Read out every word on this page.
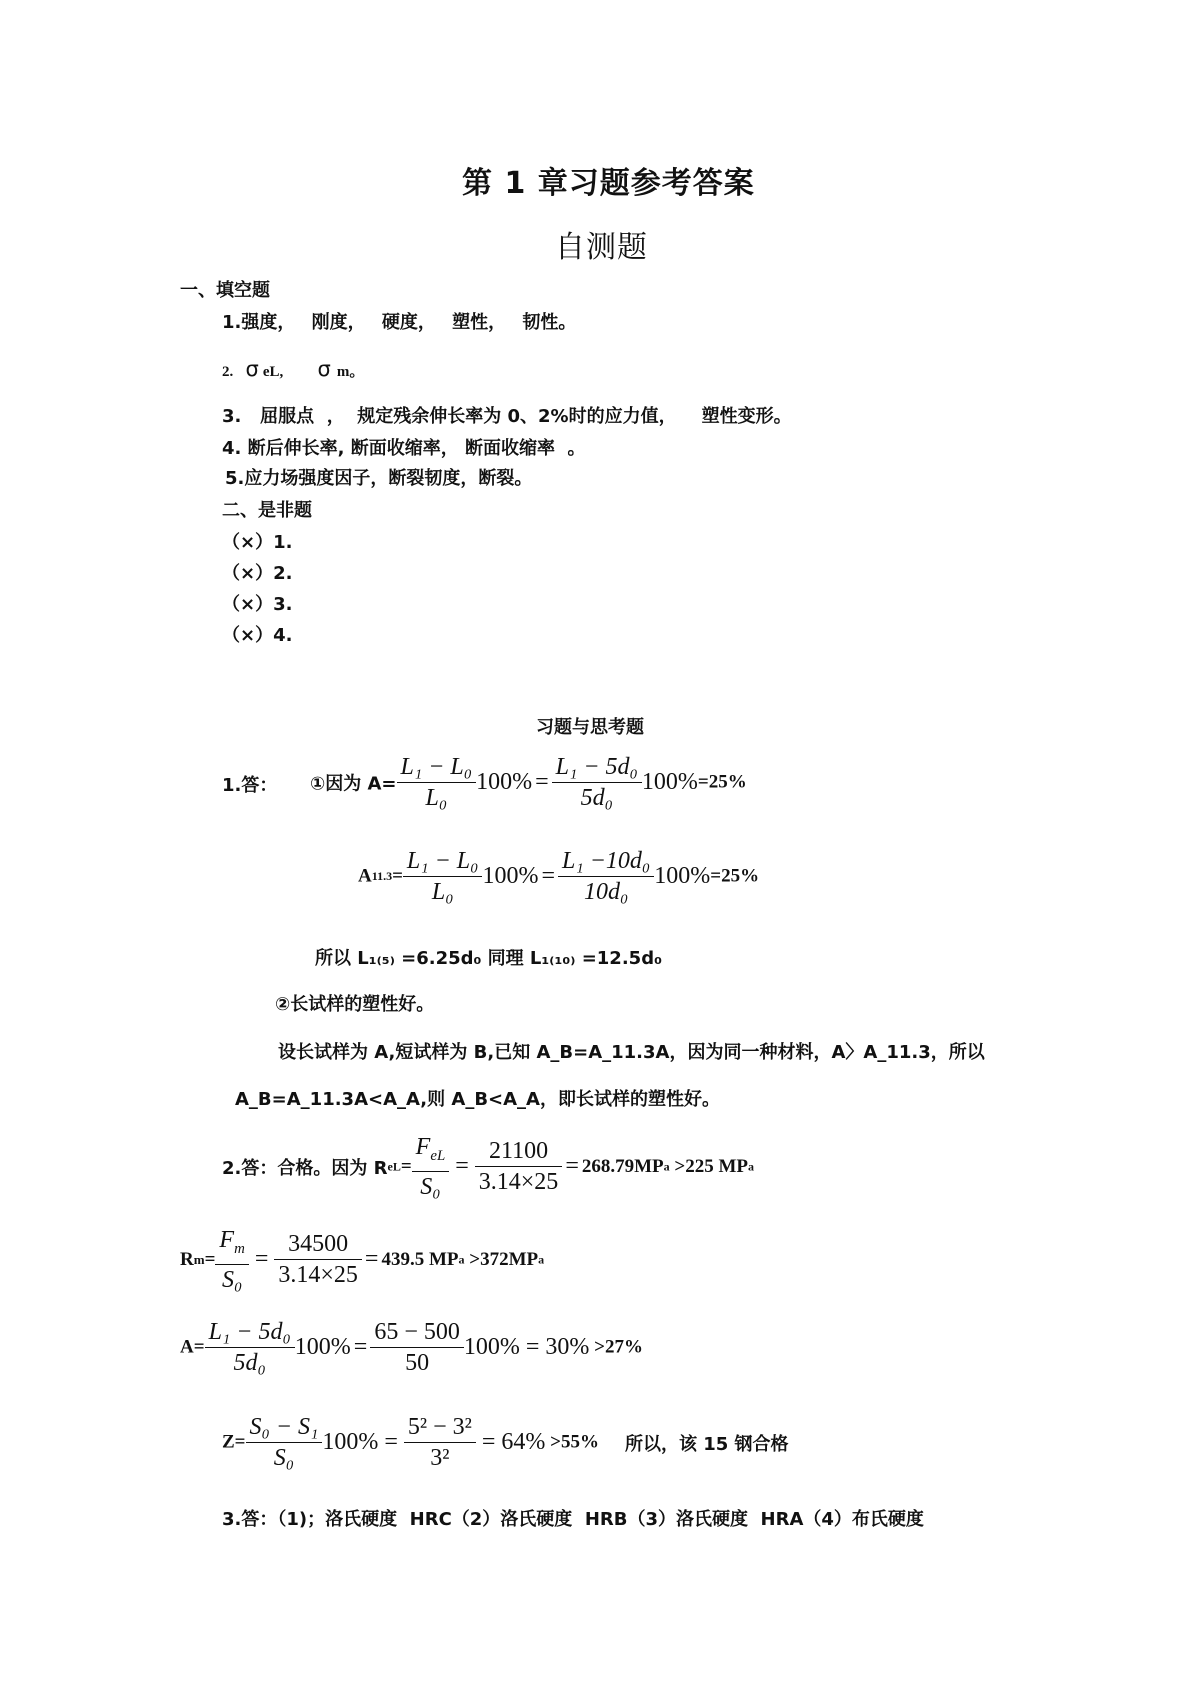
第 1 章习题参考答案
自测题
一、填空题
1.强度， 刚度， 硬度， 塑性， 韧性。
2. σ eL, σ m。
3.   屈服点  ，  规定残余伸长率为 0、2%时的应力值，    塑性变形。
4. 断后伸长率, 断面收缩率， 断面收缩率  。
5.应力场强度因子，断裂韧度，断裂。
二、是非题
（×）1.
（×）2.
（×）3.
（×）4.
习题与思考题
1.答： ①因为 $A= \frac{\text{L₁ − L₀}}{\text{L₀}} 100\% = \frac{\text{L₁ − 5d₀}}{\text{5d₀}} 100\%=25\%$
$A11.3= \frac{\text{L₁ − L₀}}{\text{L₀}} 100\% = \frac{\text{L₁ −10d₀}}{\text{10d₀}} 100\%=25\%$
所以 L₁₍₅₎ =6.25d₀ 同理 L₁₍₁₀₎ =12.5d₀
②长试样的塑性好。
设长试样为 A,短试样为 B,已知 A_B=A_11.3A，因为同一种材料，A〉A_11.3，所以
A_B=A_11.3A<A_A,则 A_B<A_A，即长试样的塑性好。
2.答：合格。因为 $ReL= \frac{F_{eL}}{\text{S₀}} = \frac{21100}{3.14\times 25} = 268.79MPa >225$ MPa
$Rm= \frac{F_m}{\text{S₀}} = \frac{34500}{3.14\times 25} = 439.5$ MPa >372MPa
$A= \frac{\text{L₁ − 5d₀}}{\text{5d₀}} 100\% = \frac{65 - 500}{50} 100\% = 30\% >27\%$
$Z= \frac{\text{S₀ − S₁}}{\text{S₀}} 100\% = \frac{\text{5² − 3²}}{\text{3²}} = 64\% >55\%$ 所以，该 15 钢合格
3.答：（1)；洛氏硬度  HRC（2）洛氏硬度  HRB（3）洛氏硬度  HRA（4）布氏硬度
